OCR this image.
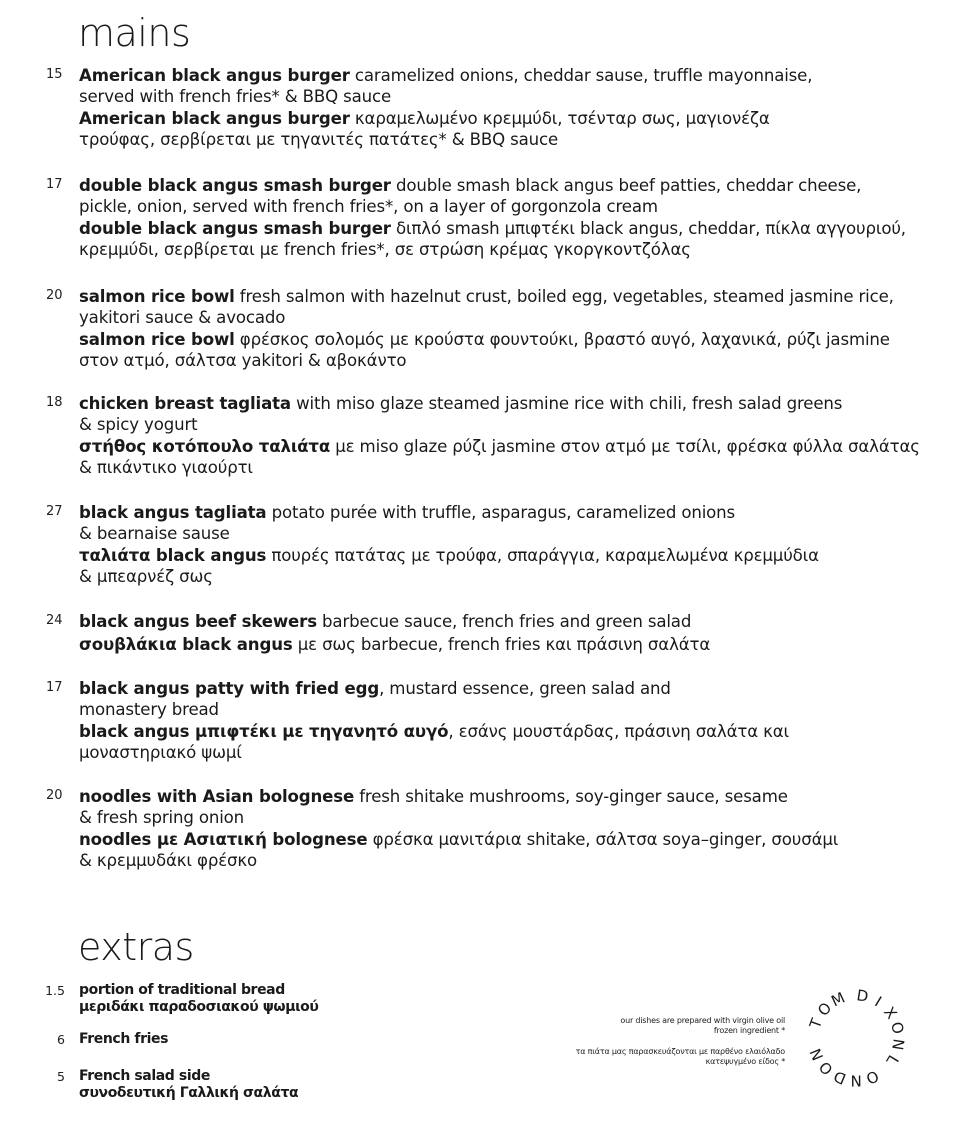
mains
15 American black angus burger caramelized onions, cheddar sause, truffle mayonnaise,
served with french fries* & BBQ sauce
American black angus burger καραμελωμένο κρεμμύδι, τσένταρ σως, μαγιονέζα
τρούφας, σερβίρεται με τηγανιτές πατάτες* & BBQ sauce
17 double black angus smash burger double smash black angus beef patties, cheddar cheese,
pickle, onion, served with french fries*, on a layer of gorgonzola cream
double black angus smash burger διπλό smash μπιφτέκι black angus, cheddar, πίκλα αγγουριού,
κρεμμύδι, σερβίρεται με french fries*, σε στρώση κρέμας γκοργκοντζόλας
20 salmon rice bowl fresh salmon with hazelnut crust, boiled egg, vegetables, steamed jasmine rice,
yakitori sauce & avocado
salmon rice bowl φρέσκος σολομός με κρούστα φουντούκι, βραστό αυγό, λαχανικά, ρύζι jasmine
στον ατμό, σάλτσα yakitori & αβοκάντο
18 chicken breast tagliata with miso glaze steamed jasmine rice with chili, fresh salad greens
& spicy yogurt
στήθος κοτόπουλο ταλιάτα με miso glaze ρύζι jasmine στον ατμό με τσίλι, φρέσκα φύλλα σαλάτας
& πικάντικο γιαούρτι
27 black angus tagliata potato purée with truffle, asparagus, caramelized onions
& bearnaise sause
ταλιάτα black angus πουρές πατάτας με τρούφα, σπαράγγια, καραμελωμένα κρεμμύδια
& μπεαρνέζ σως
24 black angus beef skewers barbecue sauce, french fries and green salad
σουβλάκια black angus με σως barbecue, french fries και πράσινη σαλάτα
17 black angus patty with fried egg, mustard essence, green salad and
monastery bread
black angus μπιφτέκι με τηγανητό αυγό, εσάνς μουστάρδας, πράσινη σαλάτα και
μοναστηριακό ψωμί
20 noodles with Asian bolognese fresh shitake mushrooms, soy-ginger sauce, sesame
& fresh spring onion
noodles με Ασιατική bolognese φρέσκα μανιτάρια shitake, σάλτσα soya–ginger, σουσάμι
& κρεμμυδάκι φρέσκο
extras
1.5 portion of traditional bread
μεριδάκι παραδοσιακού ψωμιού
6 French fries
5 French salad side
συνοδευτική Γαλλική σαλάτα
our dishes are prepared with virgin olive oil
frozen ingredient *
τα πιάτα μας παρασκευάζονται με παρθένο ελαιόλαδο
κατεψυγμένο είδος *
T
O
M D I
X
O
N
L
O
N
D
O
N
